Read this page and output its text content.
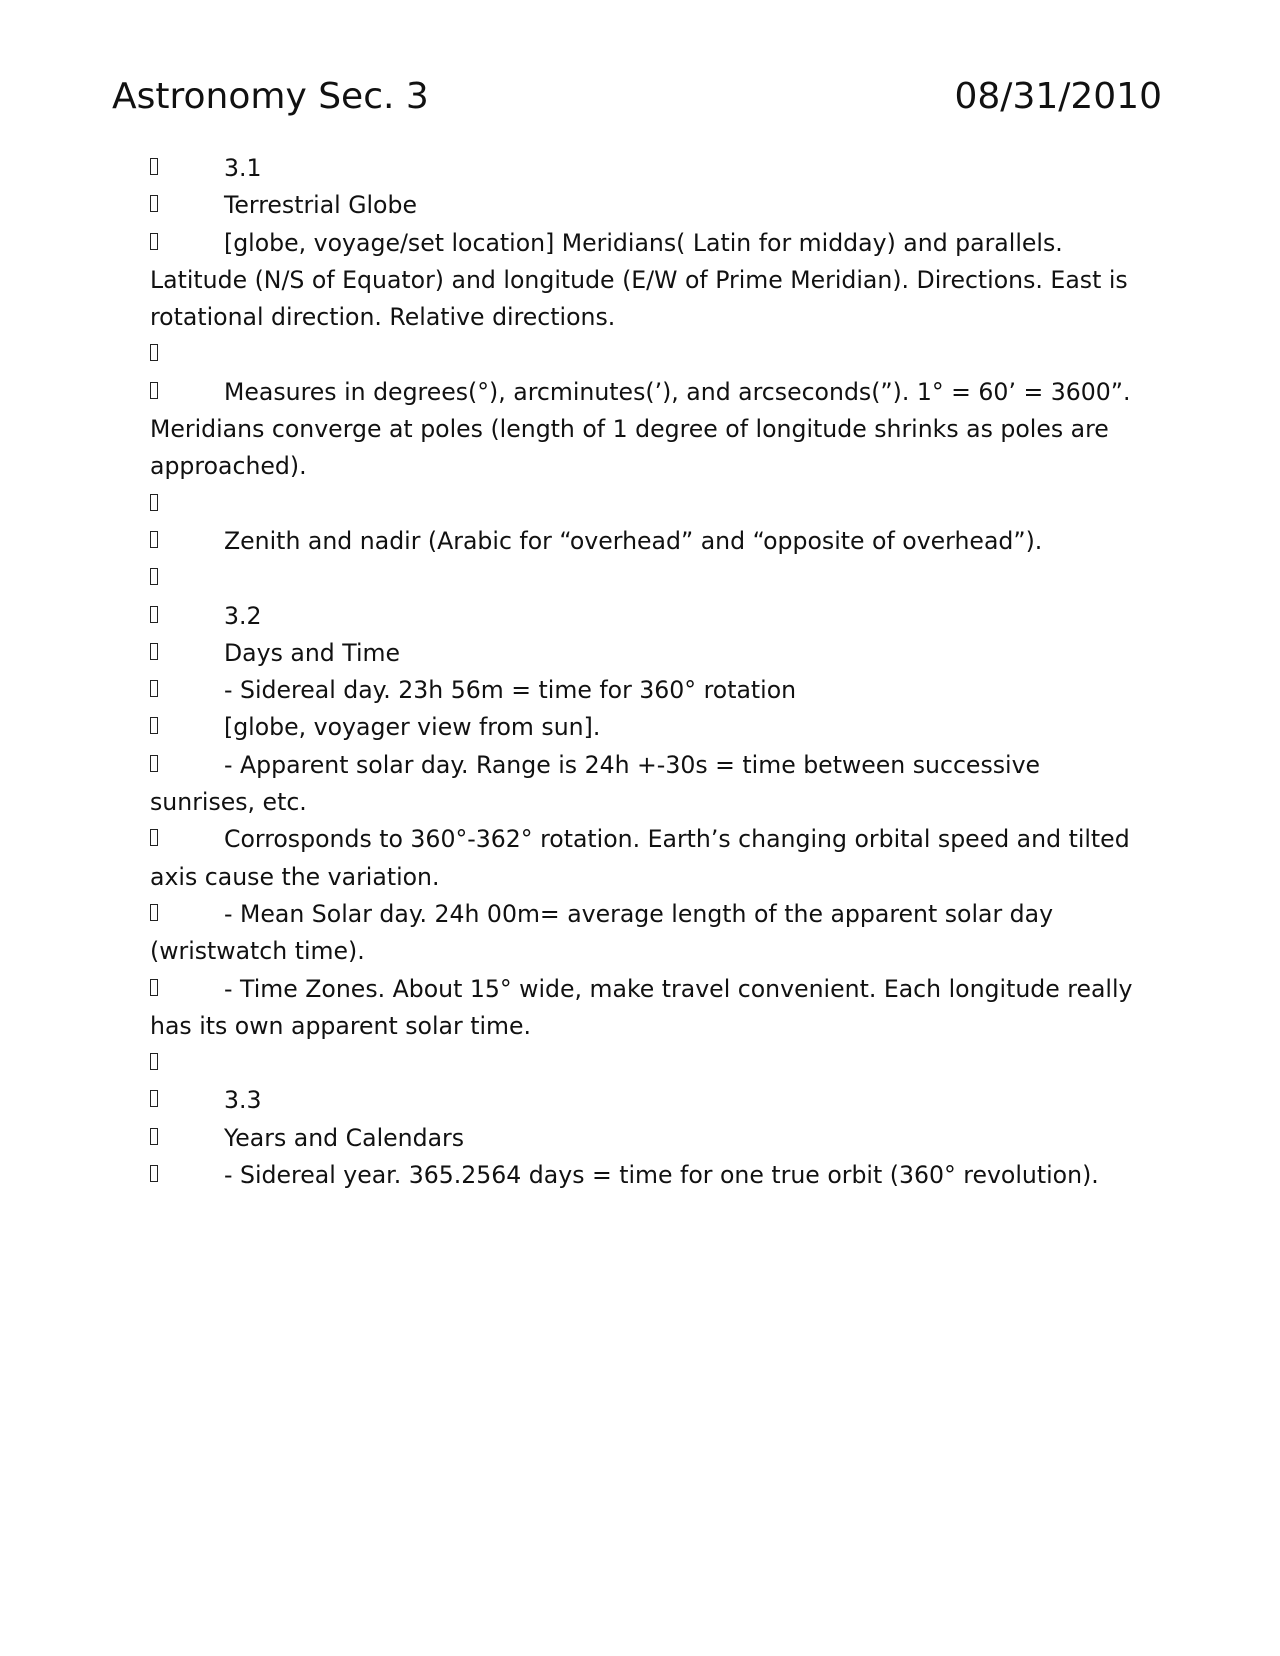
Astronomy Sec. 3	08/31/2010

3.1

Terrestrial Globe

[globe, voyage/set location] Meridians( Latin for midday) and parallels. Latitude (N/S of Equator) and longitude (E/W of Prime Meridian). Directions. East is rotational direction. Relative directions.

Measures in degrees(°), arcminutes(’), and arcseconds(”). 1° = 60’ = 3600”. Meridians converge at poles (length of 1 degree of longitude shrinks as poles are approached).

Zenith and nadir (Arabic for “overhead” and “opposite of overhead”).

3.2

Days and Time

- Sidereal day. 23h 56m = time for 360° rotation

[globe, voyager view from sun].

- Apparent solar day. Range is 24h +-30s = time between successive sunrises, etc.

Corrosponds to 360°-362° rotation. Earth’s changing orbital speed and tilted axis cause the variation.

- Mean Solar day. 24h 00m= average length of the apparent solar day (wristwatch time).

- Time Zones. About 15° wide, make travel convenient. Each longitude really has its own apparent solar time.

3.3

Years and Calendars

- Sidereal year. 365.2564 days = time for one true orbit (360° revolution).
